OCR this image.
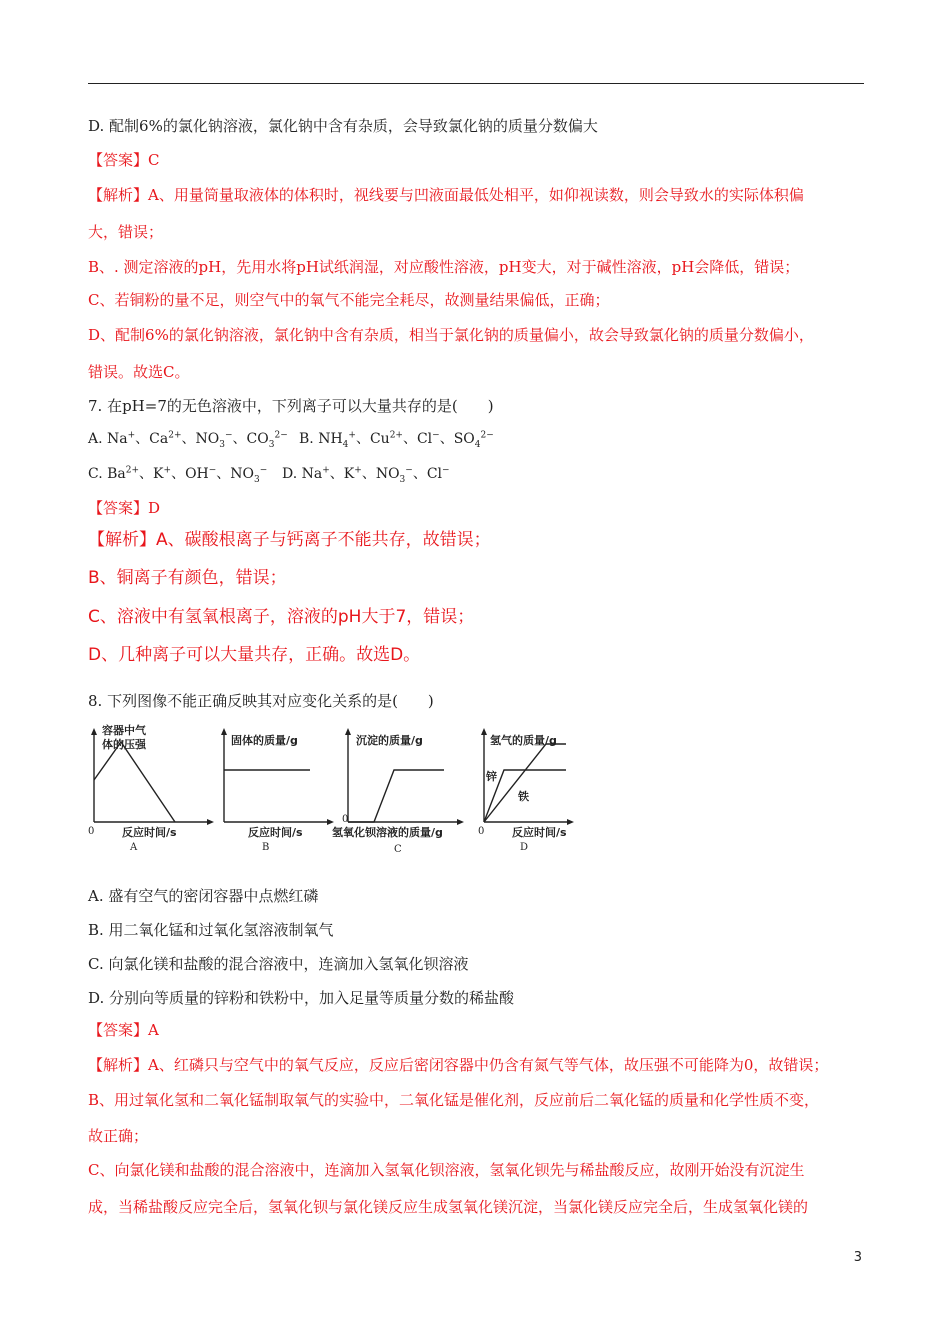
D. 配制6%的氯化钠溶液，氯化钠中含有杂质，会导致氯化钠的质量分数偏大
【答案】C
【解析】A、用量筒量取液体的体积时，视线要与凹液面最低处相平，如仰视读数，则会导致水的实际体积偏
大，错误；
B、. 测定溶液的pH，先用水将pH试纸润湿，对应酸性溶液，pH变大，对于碱性溶液，pH会降低，错误；
C、若铜粉的量不足，则空气中的氧气不能完全耗尽，故测量结果偏低，正确；
D、配制6%的氯化钠溶液，氯化钠中含有杂质，相当于氯化钠的质量偏小，故会导致氯化钠的质量分数偏小，
错误。故选C。
7. 在pH=7的无色溶液中，下列离子可以大量共存的是(　　)
A. Na+、$Ca^{2+}$、$NO_3^-$、$CO_3^{2-}$ B. $NH_4^+$、$Cu^{2+}$、Cl−、$SO_4^{2-}$
C. $Ba^{2+}$、K+、OH−、$NO_3^-$ D. Na+、K+、$NO_3^-$、Cl−
【答案】D
【解析】A、碳酸根离子与钙离子不能共存，故错误；
B、铜离子有颜色，错误；
C、溶液中有氢氧根离子，溶液的pH大于7，错误；
D、几种离子可以大量共存，正确。故选D。
8. 下列图像不能正确反映其对应变化关系的是(　　)
容器中气
体的压强
0	反应时间/s
A
固体的质量/g
反应时间/s
B
沉淀的质量/g
0
氢氧化钡溶液的质量/g
C
氢气的质量/g
锌
铁
0	反应时间/s
D
A. 盛有空气的密闭容器中点燃红磷
B. 用二氧化锰和过氧化氢溶液制氧气
C. 向氯化镁和盐酸的混合溶液中，连滴加入氢氧化钡溶液
D. 分别向等质量的锌粉和铁粉中，加入足量等质量分数的稀盐酸
【答案】A
【解析】A、红磷只与空气中的氧气反应，反应后密闭容器中仍含有氮气等气体，故压强不可能降为0，故错误；
B、用过氧化氢和二氧化锰制取氧气的实验中，二氧化锰是催化剂，反应前后二氧化锰的质量和化学性质不变，
故正确；
C、向氯化镁和盐酸的混合溶液中，连滴加入氢氧化钡溶液，氢氧化钡先与稀盐酸反应，故刚开始没有沉淀生
成，当稀盐酸反应完全后，氢氧化钡与氯化镁反应生成氢氧化镁沉淀，当氯化镁反应完全后，生成氢氧化镁的
3
